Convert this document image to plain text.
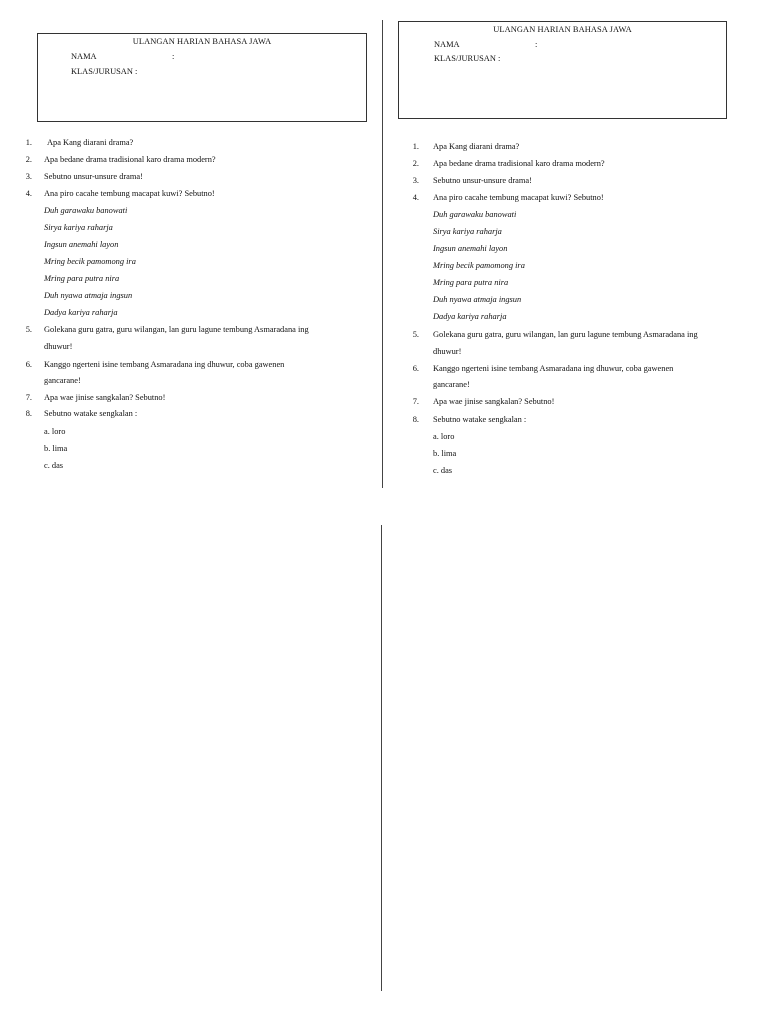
ULANGAN HARIAN BAHASA JAWA
NAMA	:
KLAS/JURUSAN :
1. Apa Kang diarani drama?
2. Apa bedane drama tradisional karo drama modern?
3. Sebutno unsur-unsure drama!
4. Ana piro cacahe tembung macapat kuwi? Sebutno!
Duh garawaku banowati
Sirya kariya raharja
Ingsun anemahi layon
Mring becik pamomong ira
Mring para putra nira
Duh nyawa atmaja ingsun
Dadya kariya raharja
5. Golekana guru gatra, guru wilangan, lan guru lagune tembung Asmaradana ing
dhuwur!
6. Kanggo ngerteni isine tembang Asmaradana ing dhuwur, coba gawenen
gancarane!
7. Apa wae jinise sangkalan? Sebutno!
8. Sebutno watake sengkalan :
a. loro
b. lima
c. das
ULANGAN HARIAN BAHASA JAWA
NAMA	:
KLAS/JURUSAN :
1. Apa Kang diarani drama?
2. Apa bedane drama tradisional karo drama modern?
3. Sebutno unsur-unsure drama!
4. Ana piro cacahe tembung macapat kuwi? Sebutno!
Duh garawaku banowati
Sirya kariya raharja
Ingsun anemahi layon
Mring becik pamomong ira
Mring para putra nira
Duh nyawa atmaja ingsun
Dadya kariya raharja
5. Golekana guru gatra, guru wilangan, lan guru lagune tembung Asmaradana ing
dhuwur!
6. Kanggo ngerteni isine tembang Asmaradana ing dhuwur, coba gawenen
gancarane!
7. Apa wae jinise sangkalan? Sebutno!
8. Sebutno watake sengkalan :
a. loro
b. lima
c. das
